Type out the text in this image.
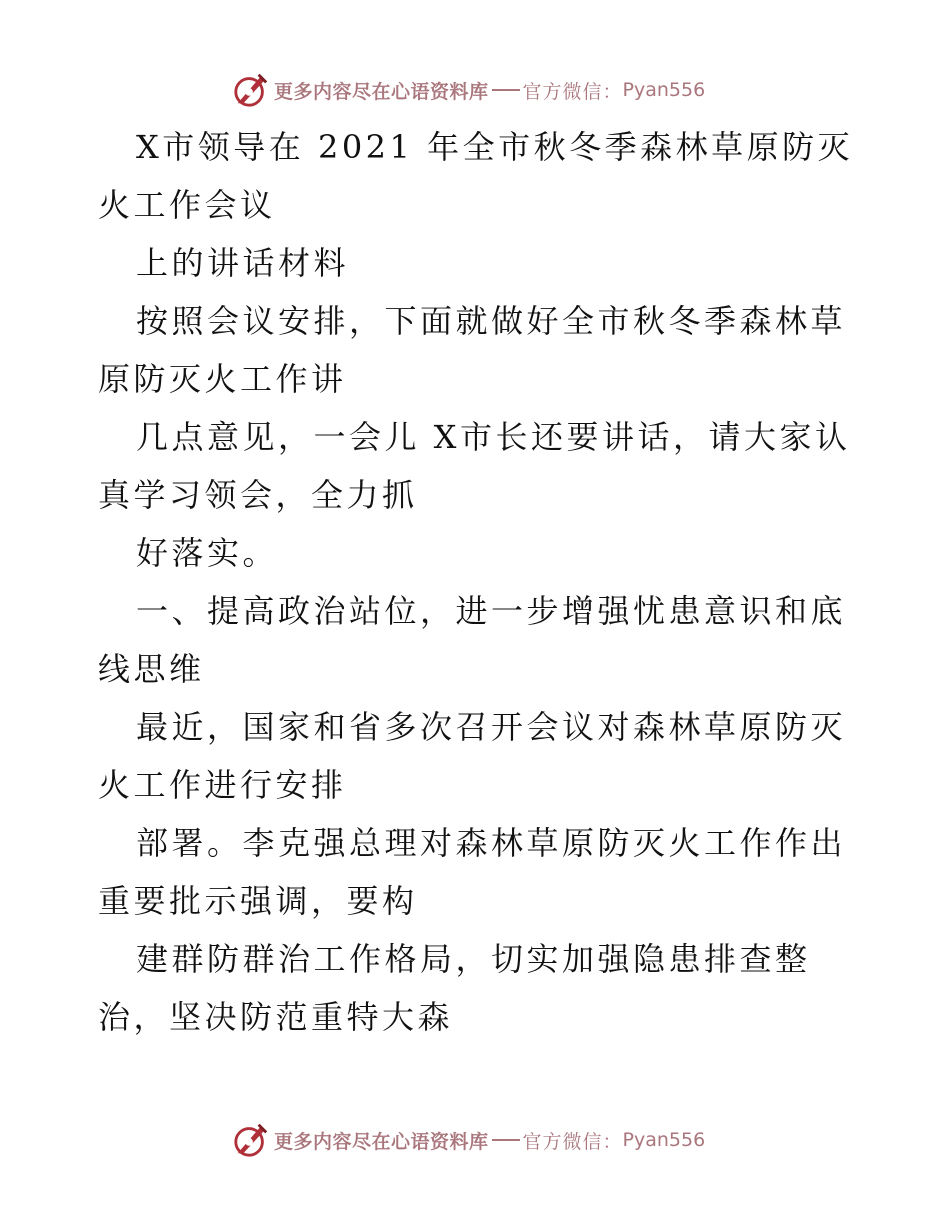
更多内容尽在心语资料库 官方微信： Pyan556

X市领导在 2021 年全市秋冬季森林草原防灭火工作会议

上的讲话材料

按照会议安排，下面就做好全市秋冬季森林草原防灭火工作讲

几点意见，一会儿 X市长还要讲话，请大家认真学习领会，全力抓

好落实。

一、提高政治站位，进一步增强忧患意识和底线思维

最近，国家和省多次召开会议对森林草原防灭火工作进行安排

部署。李克强总理对森林草原防灭火工作作出重要批示强调，要构

建群防群治工作格局，切实加强隐患排查整治，坚决防范重特大森

更多内容尽在心语资料库 官方微信： Pyan556
